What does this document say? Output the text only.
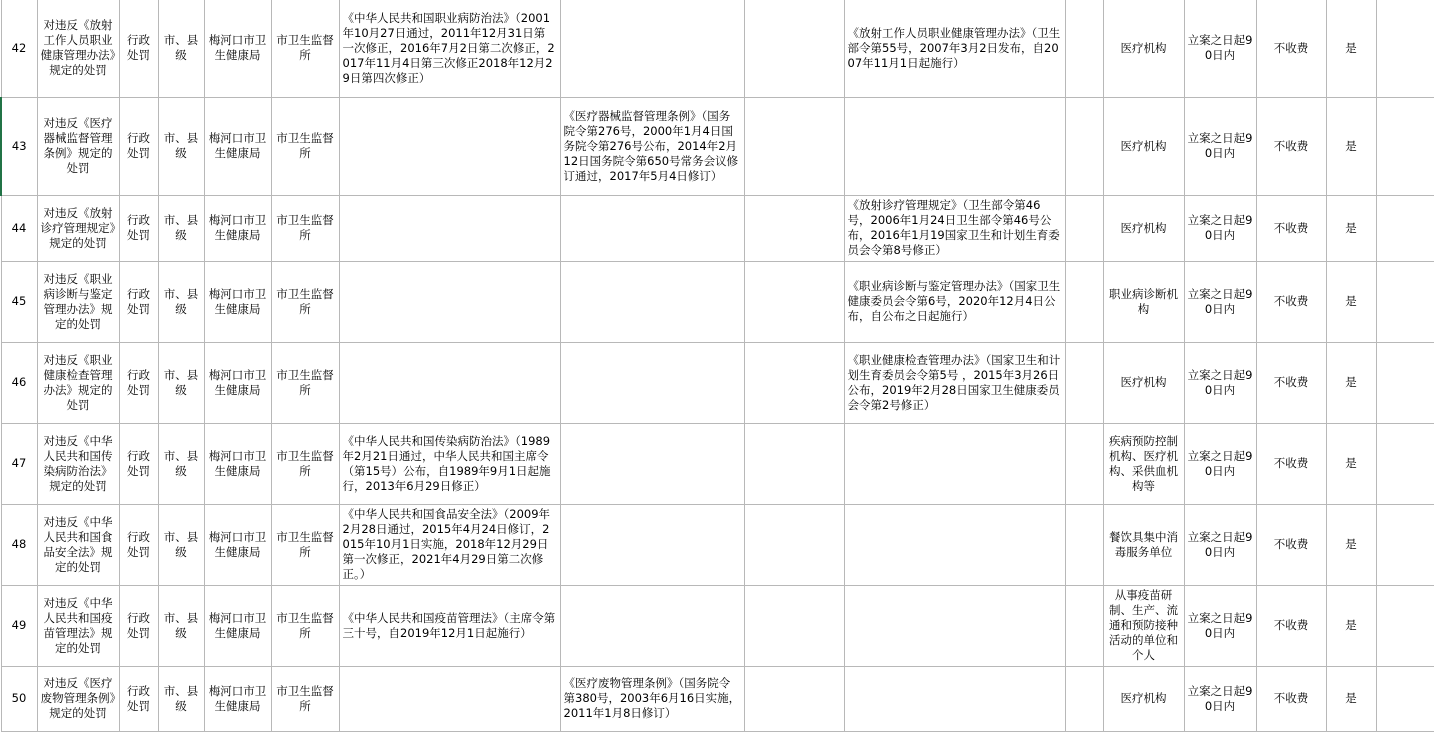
42	对违反《放射工作人员职业健康管理办法》规定的处罚	行政处罚	市、县级	梅河口市卫生健康局	市卫生监督所	《中华人民共和国职业病防治法》（2001年10月27日通过，2011年12月31日第一次修正，2016年7月2日第二次修正，2017年11月4日第三次修正2018年12月29日第四次修正）			《放射工作人员职业健康管理办法》（卫生部令第55号，2007年3月2日发布，自2007年11月1日起施行）		医疗机构	立案之日起90日内	不收费	是	
43	对违反《医疗器械监督管理条例》规定的处罚	行政处罚	市、县级	梅河口市卫生健康局	市卫生监督所		《医疗器械监督管理条例》（国务院令第276号，2000年1月4日国务院令第276号公布，2014年2月12日国务院令第650号常务会议修订通过，2017年5月4日修订）				医疗机构	立案之日起90日内	不收费	是	
44	对违反《放射诊疗管理规定》规定的处罚	行政处罚	市、县级	梅河口市卫生健康局	市卫生监督所				《放射诊疗管理规定》（卫生部令第46号，2006年1月24日卫生部令第46号公布，2016年1月19国家卫生和计划生育委员会令第8号修正）		医疗机构	立案之日起90日内	不收费	是	
45	对违反《职业病诊断与鉴定管理办法》规定的处罚	行政处罚	市、县级	梅河口市卫生健康局	市卫生监督所				《职业病诊断与鉴定管理办法》（国家卫生健康委员会令第6号，2020年12月4日公布，自公布之日起施行）		职业病诊断机构	立案之日起90日内	不收费	是	
46	对违反《职业健康检查管理办法》规定的处罚	行政处罚	市、县级	梅河口市卫生健康局	市卫生监督所				《职业健康检查管理办法》（国家卫生和计划生育委员会令第5号 ，2015年3月26日公布，2019年2月28日国家卫生健康委员会令第2号修正）		医疗机构	立案之日起90日内	不收费	是	
47	对违反《中华人民共和国传染病防治法》规定的处罚	行政处罚	市、县级	梅河口市卫生健康局	市卫生监督所	《中华人民共和国传染病防治法》（1989年2月21日通过，中华人民共和国主席令（第15号）公布，自1989年9月1日起施行，2013年6月29日修正）					疾病预防控制机构、医疗机构、采供血机构等	立案之日起90日内	不收费	是	
48	对违反《中华人民共和国食品安全法》规定的处罚	行政处罚	市、县级	梅河口市卫生健康局	市卫生监督所	《中华人民共和国食品安全法》（2009年2月28日通过，2015年4月24日修订，2015年10月1日实施，2018年12月29日第一次修正，2021年4月29日第二次修正。）					餐饮具集中消毒服务单位	立案之日起90日内	不收费	是	
49	对违反《中华人民共和国疫苗管理法》规定的处罚	行政处罚	市、县级	梅河口市卫生健康局	市卫生监督所	《中华人民共和国疫苗管理法》（主席令第三十号，自2019年12月1日起施行）					从事疫苗研制、生产、流通和预防接种活动的单位和个人	立案之日起90日内	不收费	是	
50	对违反《医疗废物管理条例》规定的处罚	行政处罚	市、县级	梅河口市卫生健康局	市卫生监督所		《医疗废物管理条例》（国务院令第380号，2003年6月16日实施，2011年1月8日修订）				医疗机构	立案之日起90日内	不收费	是	
